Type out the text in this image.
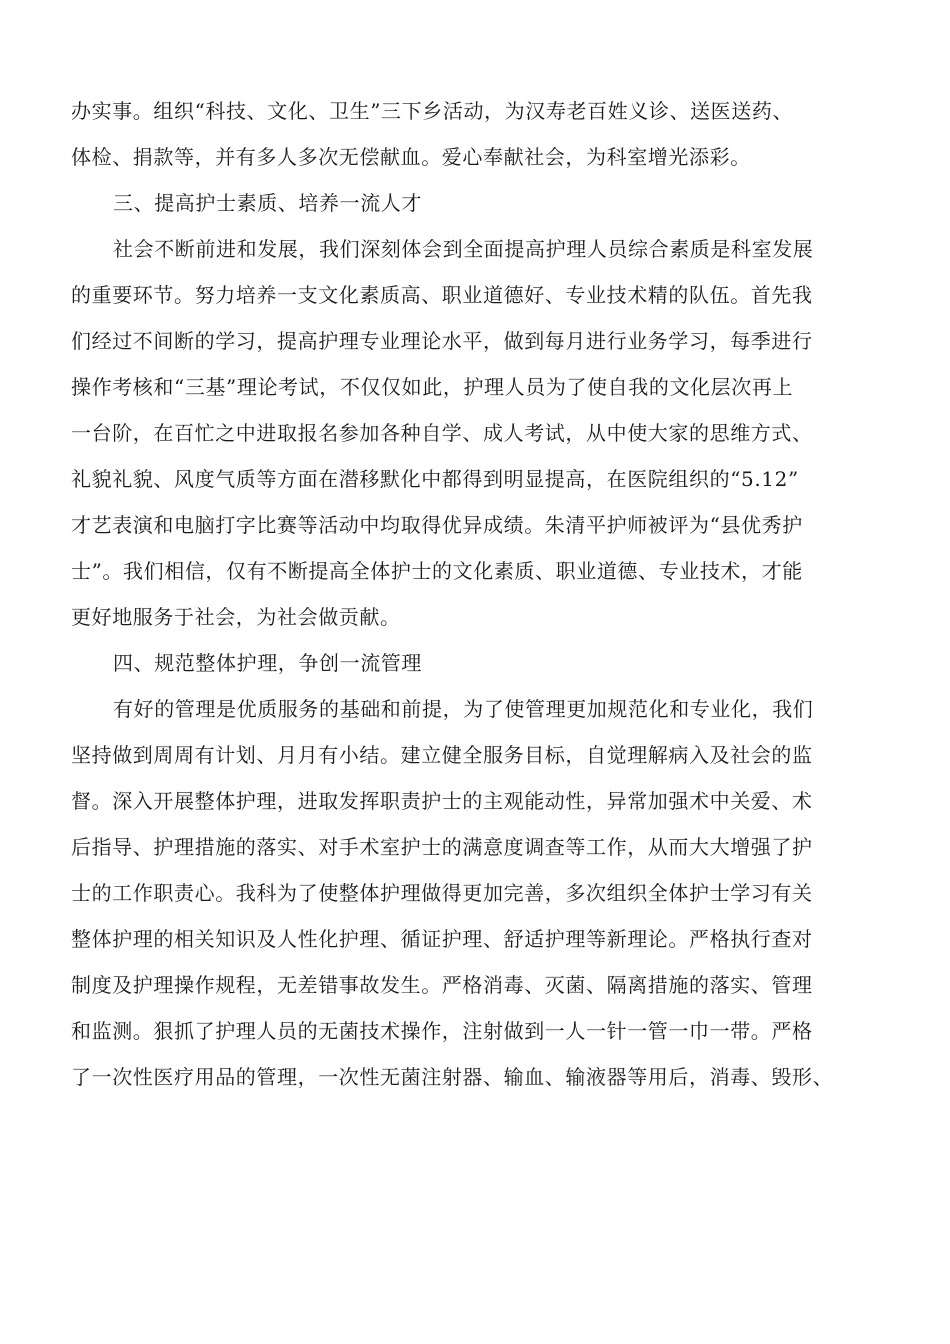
办实事。组织“科技、文化、卫生”三下乡活动，为汉寿老百姓义诊、送医送药、
体检、捐款等，并有多人多次无偿献血。爱心奉献社会，为科室增光添彩。
三、提高护士素质、培养一流人才
社会不断前进和发展，我们深刻体会到全面提高护理人员综合素质是科室发展
的重要环节。努力培养一支文化素质高、职业道德好、专业技术精的队伍。首先我
们经过不间断的学习，提高护理专业理论水平，做到每月进行业务学习，每季进行
操作考核和“三基”理论考试，不仅仅如此，护理人员为了使自我的文化层次再上
一台阶，在百忙之中进取报名参加各种自学、成人考试，从中使大家的思维方式、
礼貌礼貌、风度气质等方面在潜移默化中都得到明显提高，在医院组织的“5.12”
才艺表演和电脑打字比赛等活动中均取得优异成绩。朱清平护师被评为“县优秀护
士”。我们相信，仅有不断提高全体护士的文化素质、职业道德、专业技术，才能
更好地服务于社会，为社会做贡献。
四、规范整体护理，争创一流管理
有好的管理是优质服务的基础和前提，为了使管理更加规范化和专业化，我们
坚持做到周周有计划、月月有小结。建立健全服务目标，自觉理解病入及社会的监
督。深入开展整体护理，进取发挥职责护士的主观能动性，异常加强术中关爱、术
后指导、护理措施的落实、对手术室护士的满意度调查等工作，从而大大增强了护
士的工作职责心。我科为了使整体护理做得更加完善，多次组织全体护士学习有关
整体护理的相关知识及人性化护理、循证护理、舒适护理等新理论。严格执行查对
制度及护理操作规程，无差错事故发生。严格消毒、灭菌、隔离措施的落实、管理
和监测。狠抓了护理人员的无菌技术操作，注射做到一人一针一管一巾一带。严格
了一次性医疗用品的管理，一次性无菌注射器、输血、输液器等用后，消毒、毁形、
